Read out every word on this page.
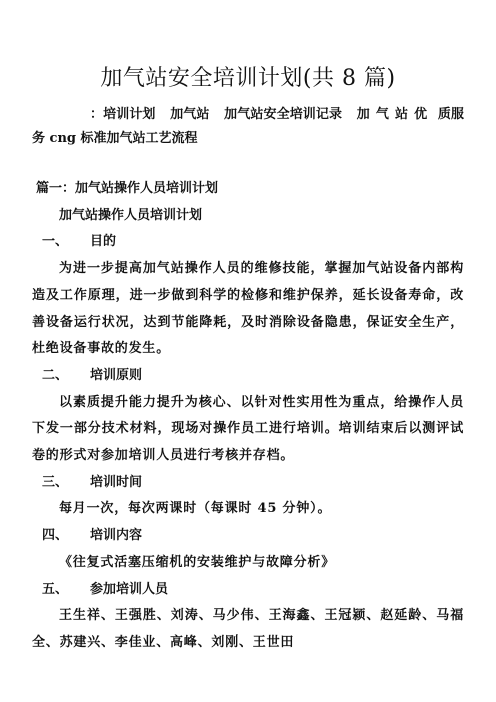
加气站安全培训计划(共 8 篇)
：培训计划 加气站 加气站安全培训记录 加气站优 质服务 cng 标准加气站工艺流程
篇一：加气站操作人员培训计划
加气站操作人员培训计划
一、 目的
为进一步提高加气站操作人员的维修技能，掌握加气站设备内部构造及工作原理，进一步做到科学的检修和维护保养，延长设备寿命，改善设备运行状况，达到节能降耗，及时消除设备隐患，保证安全生产，杜绝设备事故的发生。
二、 培训原则
以素质提升能力提升为核心、以针对性实用性为重点，给操作人员下发一部分技术材料，现场对操作员工进行培训。培训结束后以测评试卷的形式对参加培训人员进行考核并存档。
三、 培训时间
每月一次，每次两课时（每课时 45 分钟）。
四、 培训内容
《往复式活塞压缩机的安装维护与故障分析》
五、 参加培训人员
王生祥、王强胜、刘涛、马少伟、王海鑫、王冠颍、赵延龄、马福全、苏建兴、李佳业、高峰、刘刚、王世田
